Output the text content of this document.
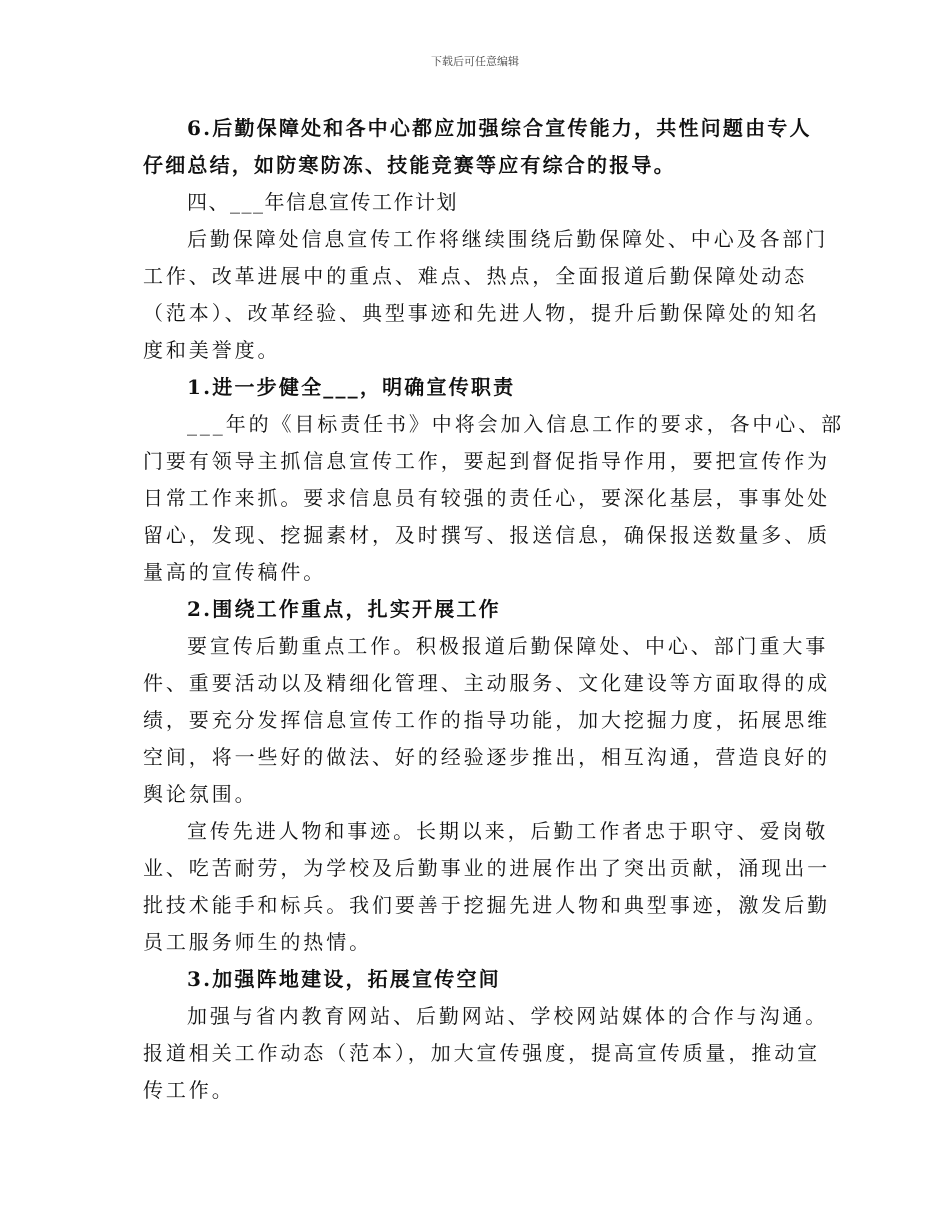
下载后可任意编辑
6.后勤保障处和各中心都应加强综合宣传能力，共性问题由专人
仔细总结，如防寒防冻、技能竞赛等应有综合的报导。
四、___年信息宣传工作计划
后勤保障处信息宣传工作将继续围绕后勤保障处、中心及各部门
工作、改革进展中的重点、难点、热点，全面报道后勤保障处动态
（范本）、改革经验、典型事迹和先进人物，提升后勤保障处的知名
度和美誉度。
1.进一步健全___，明确宣传职责
___年的《目标责任书》中将会加入信息工作的要求，各中心、部
门要有领导主抓信息宣传工作，要起到督促指导作用，要把宣传作为
日常工作来抓。要求信息员有较强的责任心，要深化基层，事事处处
留心，发现、挖掘素材，及时撰写、报送信息，确保报送数量多、质
量高的宣传稿件。
2.围绕工作重点，扎实开展工作
要宣传后勤重点工作。积极报道后勤保障处、中心、部门重大事
件、重要活动以及精细化管理、主动服务、文化建设等方面取得的成
绩，要充分发挥信息宣传工作的指导功能，加大挖掘力度，拓展思维
空间，将一些好的做法、好的经验逐步推出，相互沟通，营造良好的
舆论氛围。
宣传先进人物和事迹。长期以来，后勤工作者忠于职守、爱岗敬
业、吃苦耐劳，为学校及后勤事业的进展作出了突出贡献，涌现出一
批技术能手和标兵。我们要善于挖掘先进人物和典型事迹，激发后勤
员工服务师生的热情。
3.加强阵地建设，拓展宣传空间
加强与省内教育网站、后勤网站、学校网站媒体的合作与沟通。
报道相关工作动态（范本），加大宣传强度，提高宣传质量，推动宣
传工作。
